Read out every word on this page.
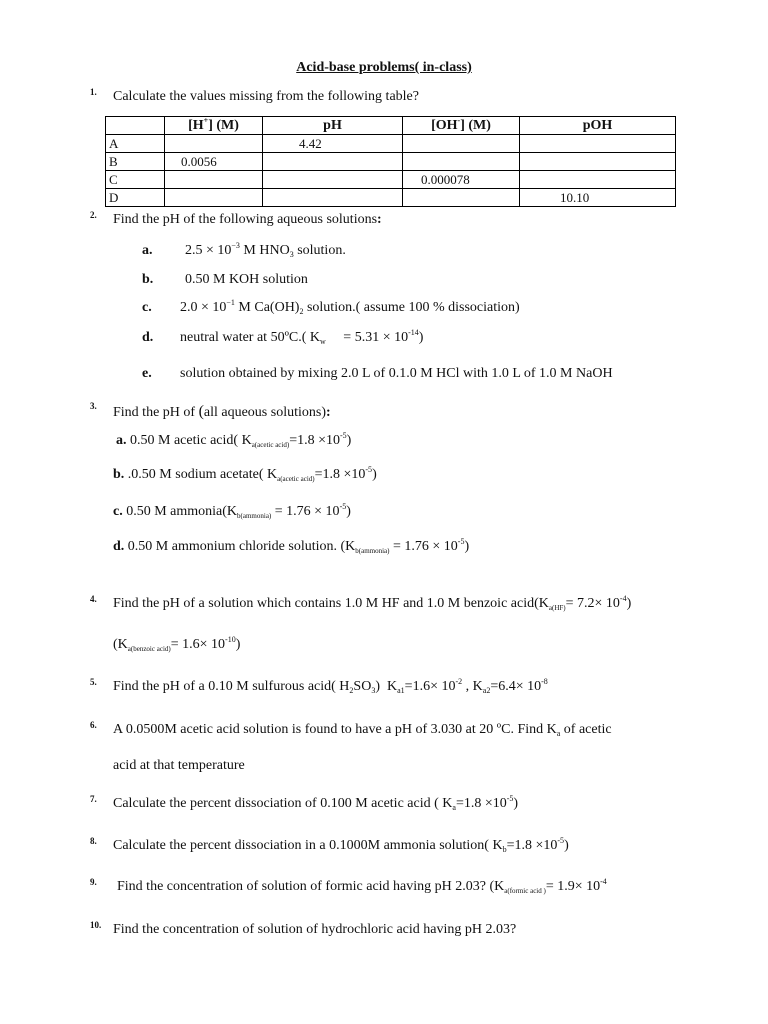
Acid-base problems( in-class)
1. Calculate the values missing from the following table?
	[H+] (M)	pH	[OH-] (M)	pOH
A		4.42		
B	0.0056			
C			0.000078	
D				10.10
2. Find the pH of the following aqueous solutions:
a. $2.5 \times 10^{-3}$ M $HNO_3$ solution.
b. 0.50 M KOH solution
c. $2.0 \times 10^{-1}$ M $Ca(OH)_2$ solution.( assume 100 % dissociation)
d. neutral water at 50ºC.( $K_w$     = $5.31 \times 10^{-14}$)
e. solution obtained by mixing 2.0 L of 0.1.0 M HCl with 1.0 L of 1.0 M NaOH
3. Find the pH of (all aqueous solutions):
a. 0.50 M acetic acid( $K_{a(acetic acid)}=1.8 \times 10^{-5}$)
b. .0.50 M sodium acetate( $K_{a(acetic acid)}=1.8 \times 10^{-5}$)
c. 0.50 M $ammonia(K_{b(ammonia)} = 1.76 \times 10^{-5})$
d. 0.50 M ammonium chloride solution. $(K_{b(ammonia)} = 1.76 \times 10^{-5})$
4. Find the pH of a solution which contains 1.0 M HF and 1.0 M benzoic $acid(K_{a(HF)}= 7.2\times 10^{-4})$
$(K_{a(benzoic acid)}= 1.6\times 10^{-10})$
5. Find the pH of a 0.10 M sulfurous acid( $H_2SO_3$)  $K_{a1}=1.6\times 10^{-2}$ , $K_{a2}=6.4\times 10^{-8}$
6. A 0.0500M acetic acid solution is found to have a pH of 3.030 at 20 ºC. Find $K_a$ of acetic
acid at that temperature
7. Calculate the percent dissociation of 0.100 M acetic acid ( $K_a=1.8 \times 10^{-5}$)
8. Calculate the percent dissociation in a 0.1000M ammonia solution( $K_b=1.8 \times 10^{-5}$)
9. Find the concentration of solution of formic acid having pH 2.03? ($K_{a(formic acid )}= 1.9\times 10^{-4}$
10. Find the concentration of solution of hydrochloric acid having pH 2.03?
